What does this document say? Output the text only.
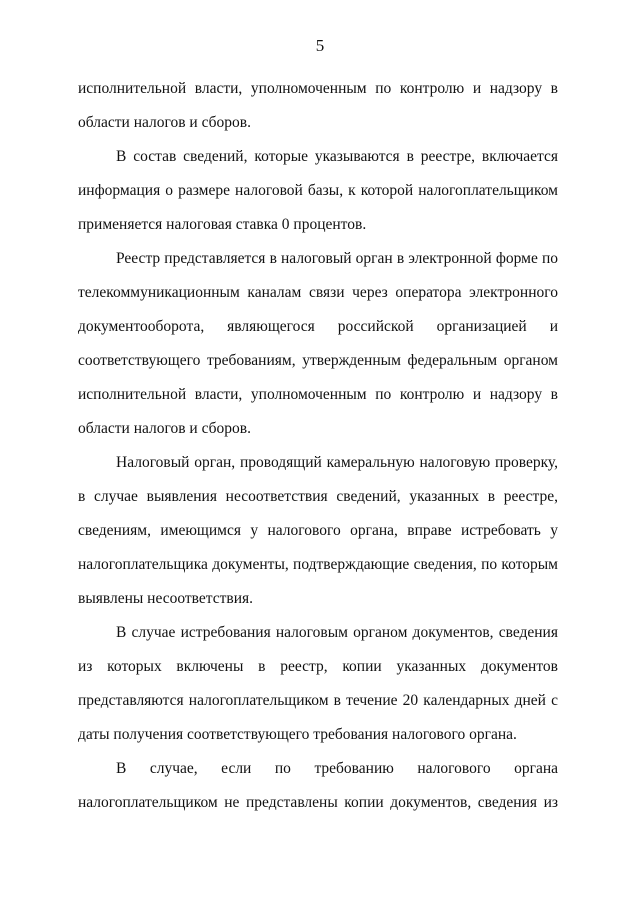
5

исполнительной власти, уполномоченным по контролю и надзору в области налогов и сборов.

В состав сведений, которые указываются в реестре, включается информация о размере налоговой базы, к которой налогоплательщиком применяется налоговая ставка 0 процентов.

Реестр представляется в налоговый орган в электронной форме по телекоммуникационным каналам связи через оператора электронного документооборота, являющегося российской организацией и соответствующего требованиям, утвержденным федеральным органом исполнительной власти, уполномоченным по контролю и надзору в области налогов и сборов.

Налоговый орган, проводящий камеральную налоговую проверку, в случае выявления несоответствия сведений, указанных в реестре, сведениям, имеющимся у налогового органа, вправе истребовать у налогоплательщика документы, подтверждающие сведения, по которым выявлены несоответствия.

В случае истребования налоговым органом документов, сведения из которых включены в реестр, копии указанных документов представляются налогоплательщиком в течение 20 календарных дней с даты получения соответствующего требования налогового органа.

В случае, если по требованию налогового органа налогоплательщиком не представлены копии документов, сведения из
